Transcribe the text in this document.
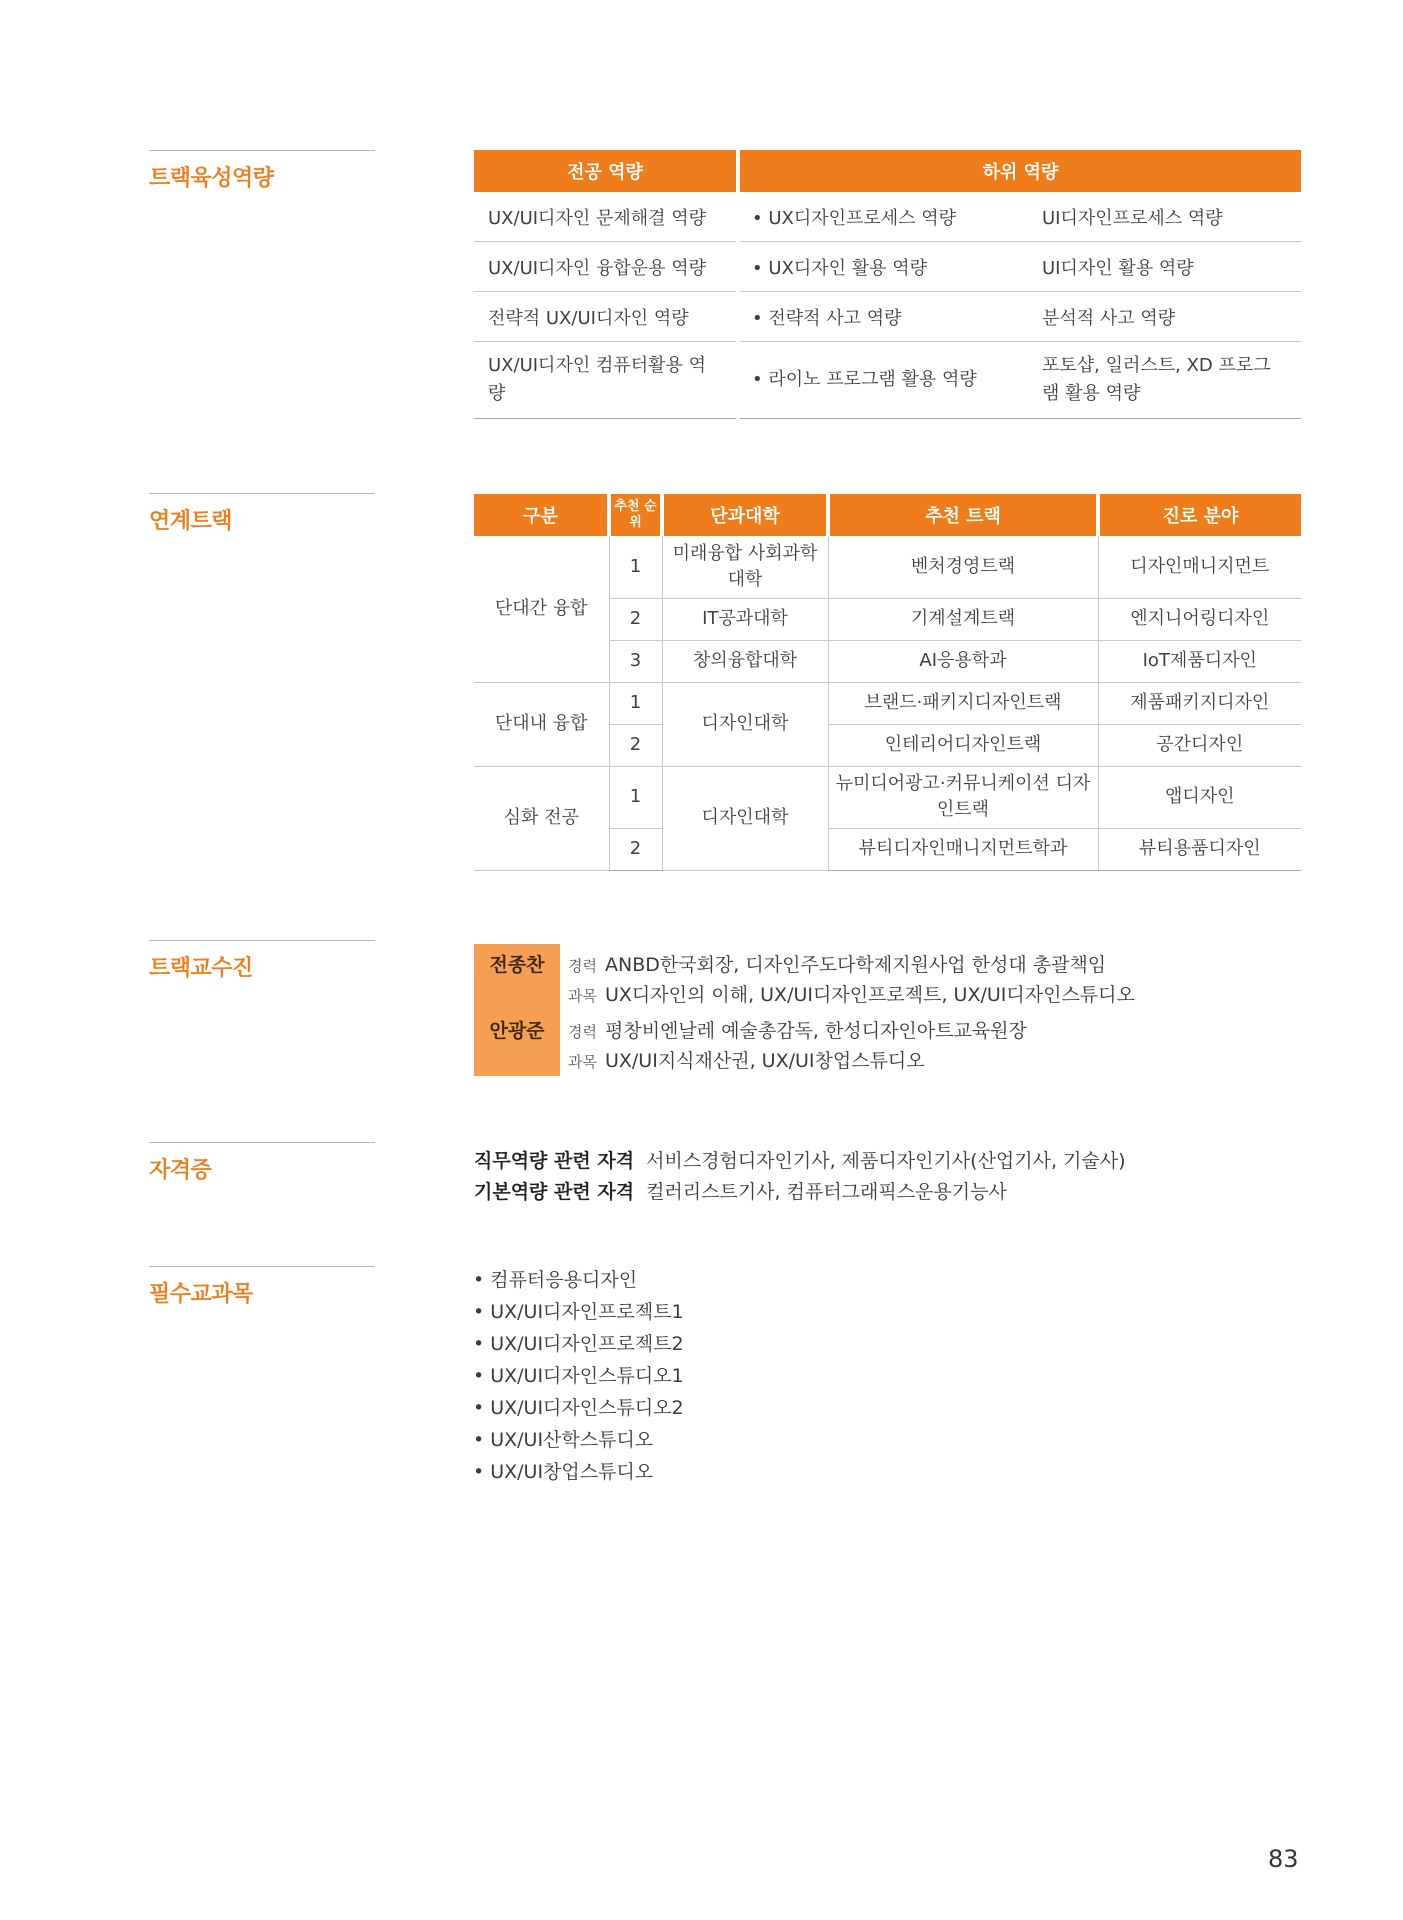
트랙육성역량
연계트랙
트랙교수진
자격증
필수교과목
전공 역량	하위 역량	
UX/UI디자인 문제해결 역량	• UX디자인프로세스 역량	UI디자인프로세스 역량
UX/UI디자인 융합운용 역량	• UX디자인 활용 역량	UI디자인 활용 역량
전략적 UX/UI디자인 역량	• 전략적 사고 역량	분석적 사고 역량
UX/UI디자인 컴퓨터활용 역량	• 라이노 프로그램 활용 역량	포토샵, 일러스트, XD 프로그램 활용 역량
구분	추천 순위	단과대학	추천 트랙	진로 분야
단대간 융합	1	미래융합 사회과학대학	벤처경영트랙	디자인매니지먼트
	2	IT공과대학	기계설계트랙	엔지니어링디자인
	3	창의융합대학	AI응용학과	IoT제품디자인
단대내 융합	1	디자인대학	브랜드·패키지디자인트랙	제품패키지디자인
	2		인테리어디자인트랙	공간디자인
심화 전공	1	디자인대학	뉴미디어광고·커뮤니케이션 디자인트랙	앱디자인
	2		뷰티디자인매니지먼트학과	뷰티용품디자인
전종찬	경력 ANBD한국회장, 디자인주도다학제지원사업 한성대 총괄책임
과목 UX디자인의 이해, UX/UI디자인프로젝트, UX/UI디자인스튜디오
안광준	경력 평창비엔날레 예술총감독, 한성디자인아트교육원장
과목 UX/UI지식재산권, UX/UI창업스튜디오
직무역량 관련 자격 서비스경험디자인기사, 제품디자인기사(산업기사, 기술사)
기본역량 관련 자격 컬러리스트기사, 컴퓨터그래픽스운용기능사
• 컴퓨터응용디자인
• UX/UI디자인프로젝트1
• UX/UI디자인프로젝트2
• UX/UI디자인스튜디오1
• UX/UI디자인스튜디오2
• UX/UI산학스튜디오
• UX/UI창업스튜디오
83
